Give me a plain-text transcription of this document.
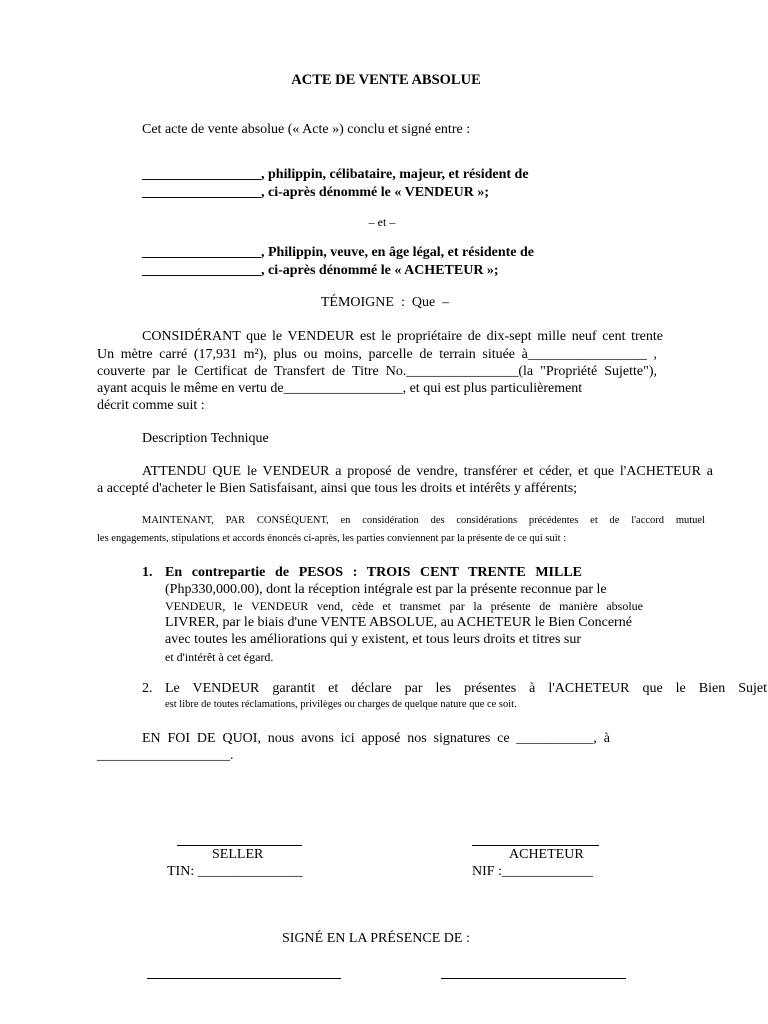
ACTE DE VENTE ABSOLUE
Cet acte de vente absolue (« Acte ») conclu et signé entre :
_________________, philippin, célibataire, majeur, et résident de
_________________, ci-après dénommé le « VENDEUR »;
– et –
_________________, Philippin, veuve, en âge légal, et résidente de
_________________, ci-après dénommé le « ACHETEUR »;
TÉMOIGNE  :  Que  –
CONSIDÉRANT que le VENDEUR est le propriétaire de dix-sept mille neuf cent trente
Un mètre carré (17,931 m²), plus ou moins, parcelle de terrain située à_________________ ,
couverte par le Certificat de Transfert de Titre No.________________(la "Propriété Sujette"),
ayant acquis le même en vertu de_________________, et qui est plus particulièrement
décrit comme suit :
Description Technique
ATTENDU QUE le VENDEUR a proposé de vendre, transférer et céder, et que l'ACHETEUR a
a accepté d'acheter le Bien Satisfaisant, ainsi que tous les droits et intérêts y afférents;
MAINTENANT, PAR CONSÉQUENT, en considération des considérations précédentes et de l'accord mutuel
les engagements, stipulations et accords énoncés ci-après, les parties conviennent par la présente de ce qui suit :
1. En contrepartie de PESOS : TROIS CENT TRENTE MILLE
(Php330,000.00), dont la réception intégrale est par la présente reconnue par le
VENDEUR, le VENDEUR vend, cède et transmet par la présente de manière absolue
LIVRER, par le biais d'une VENTE ABSOLUE, au ACHETEUR le Bien Concerné
avec toutes les améliorations qui y existent, et tous leurs droits et titres sur
et d'intérêt à cet égard.
2. Le VENDEUR garantit et déclare par les présentes à l'ACHETEUR que le Bien Sujet
est libre de toutes réclamations, privilèges ou charges de quelque nature que ce soit.
EN FOI DE QUOI, nous avons ici apposé nos signatures ce ___________, à
___________________.
SELLER	ACHETEUR
TIN: _______________	NIF :_____________
SIGNÉ EN LA PRÉSENCE DE :
